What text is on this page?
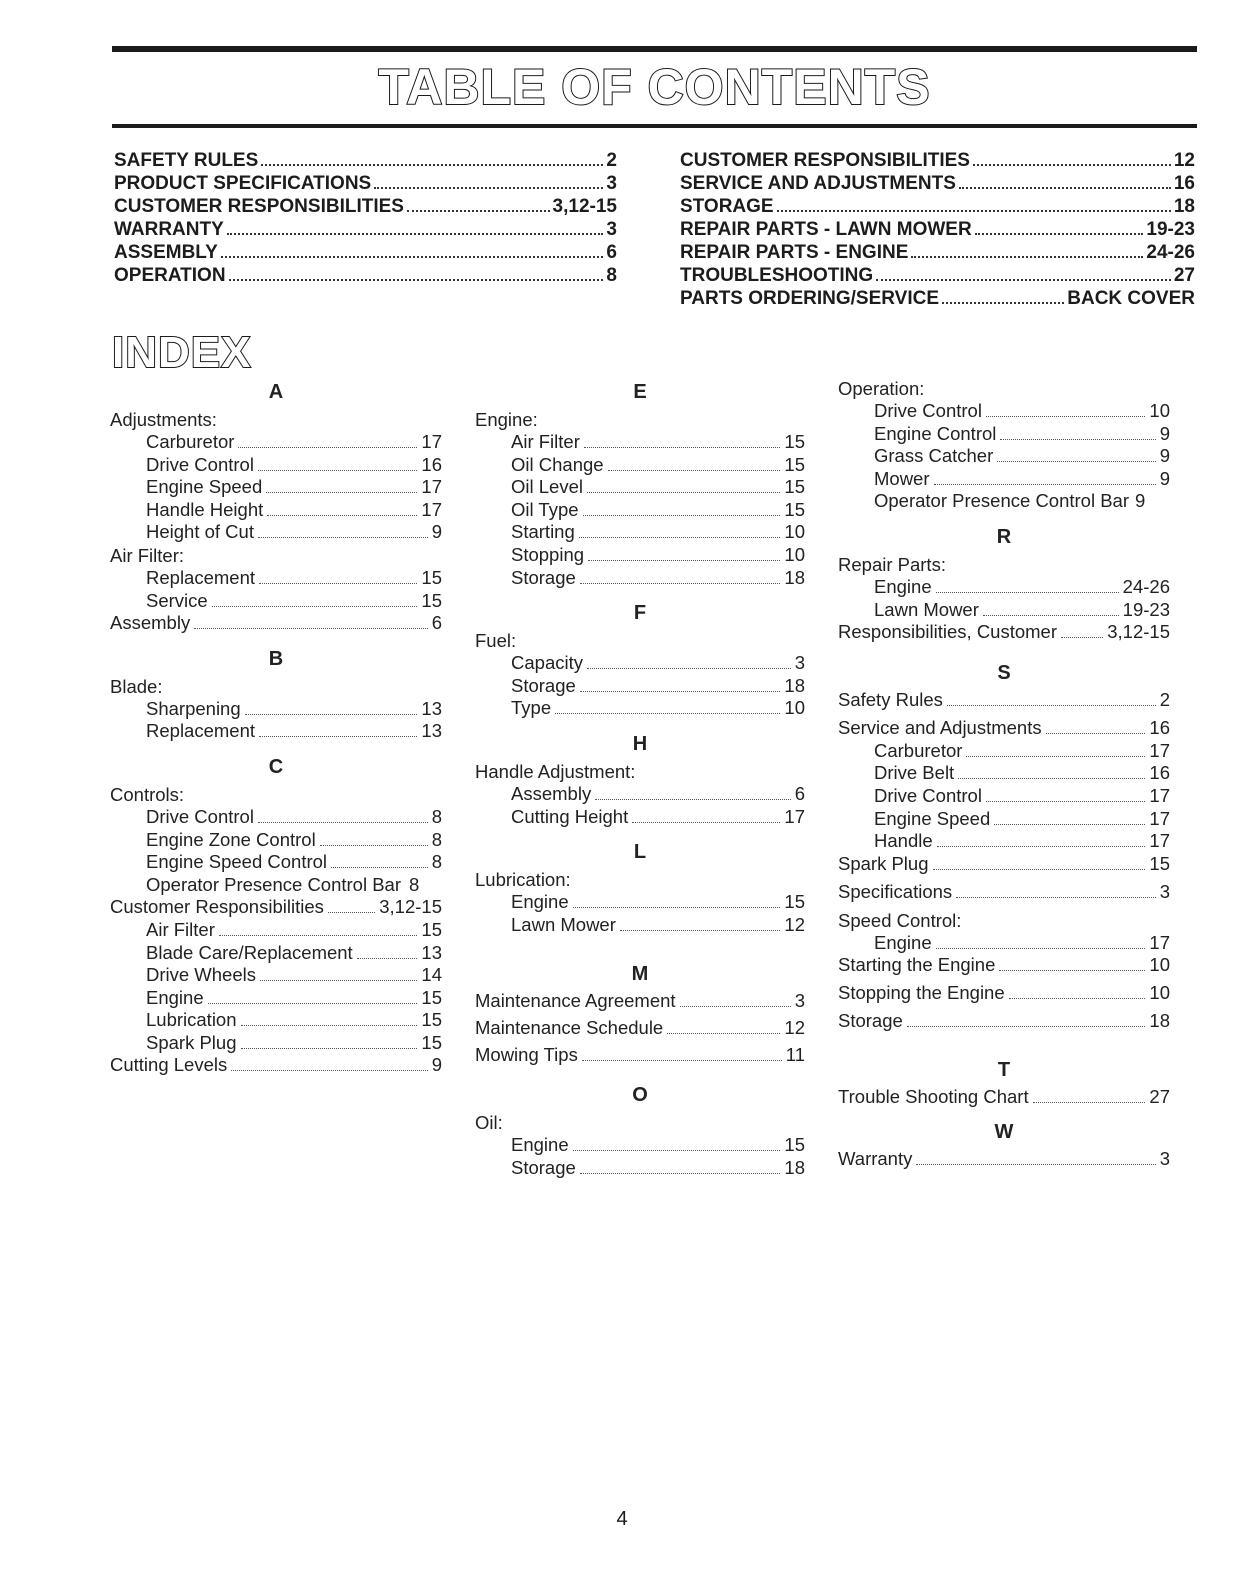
TABLE OF CONTENTS
SAFETY RULES	2
PRODUCT SPECIFICATIONS	3
CUSTOMER RESPONSIBILITIES	3,12-15
WARRANTY	3
ASSEMBLY	6
OPERATION	8
CUSTOMER RESPONSIBILITIES	12
SERVICE AND ADJUSTMENTS	16
STORAGE	18
REPAIR PARTS - LAWN MOWER	19-23
REPAIR PARTS - ENGINE	24-26
TROUBLESHOOTING	27
PARTS ORDERING/SERVICE	BACK COVER
INDEX
A
Adjustments:
Carburetor	17
Drive Control	16
Engine Speed	17
Handle Height	17
Height of Cut	9
Air Filter:
Replacement	15
Service	15
Assembly	6
B
Blade:
Sharpening	13
Replacement	13
C
Controls:
Drive Control	8
Engine Zone Control	8
Engine Speed Control	8
Operator Presence Control Bar 8
Customer Responsibilities	3,12-15
Air Filter	15
Blade Care/Replacement	13
Drive Wheels	14
Engine	15
Lubrication	15
Spark Plug	15
Cutting Levels	9
E
Engine:
Air Filter	15
Oil Change	15
Oil Level	15
Oil Type	15
Starting	10
Stopping	10
Storage	18
F
Fuel:
Capacity	3
Storage	18
Type	10
H
Handle Adjustment:
Assembly	6
Cutting Height	17
L
Lubrication:
Engine	15
Lawn Mower	12
M
Maintenance Agreement	3
Maintenance Schedule	12
Mowing Tips	11
O
Oil:
Engine	15
Storage	18
Operation:
Drive Control	10
Engine Control	9
Grass Catcher	9
Mower	9
Operator Presence Control Bar 9
R
Repair Parts:
Engine	24-26
Lawn Mower	19-23
Responsibilities, Customer	3,12-15
S
Safety Rules	2
Service and Adjustments	16
Carburetor	17
Drive Belt	16
Drive Control	17
Engine Speed	17
Handle	17
Spark Plug	15
Specifications	3
Speed Control:
Engine	17
Starting the Engine	10
Stopping the Engine	10
Storage	18
T
Trouble Shooting Chart	27
W
Warranty	3
4
